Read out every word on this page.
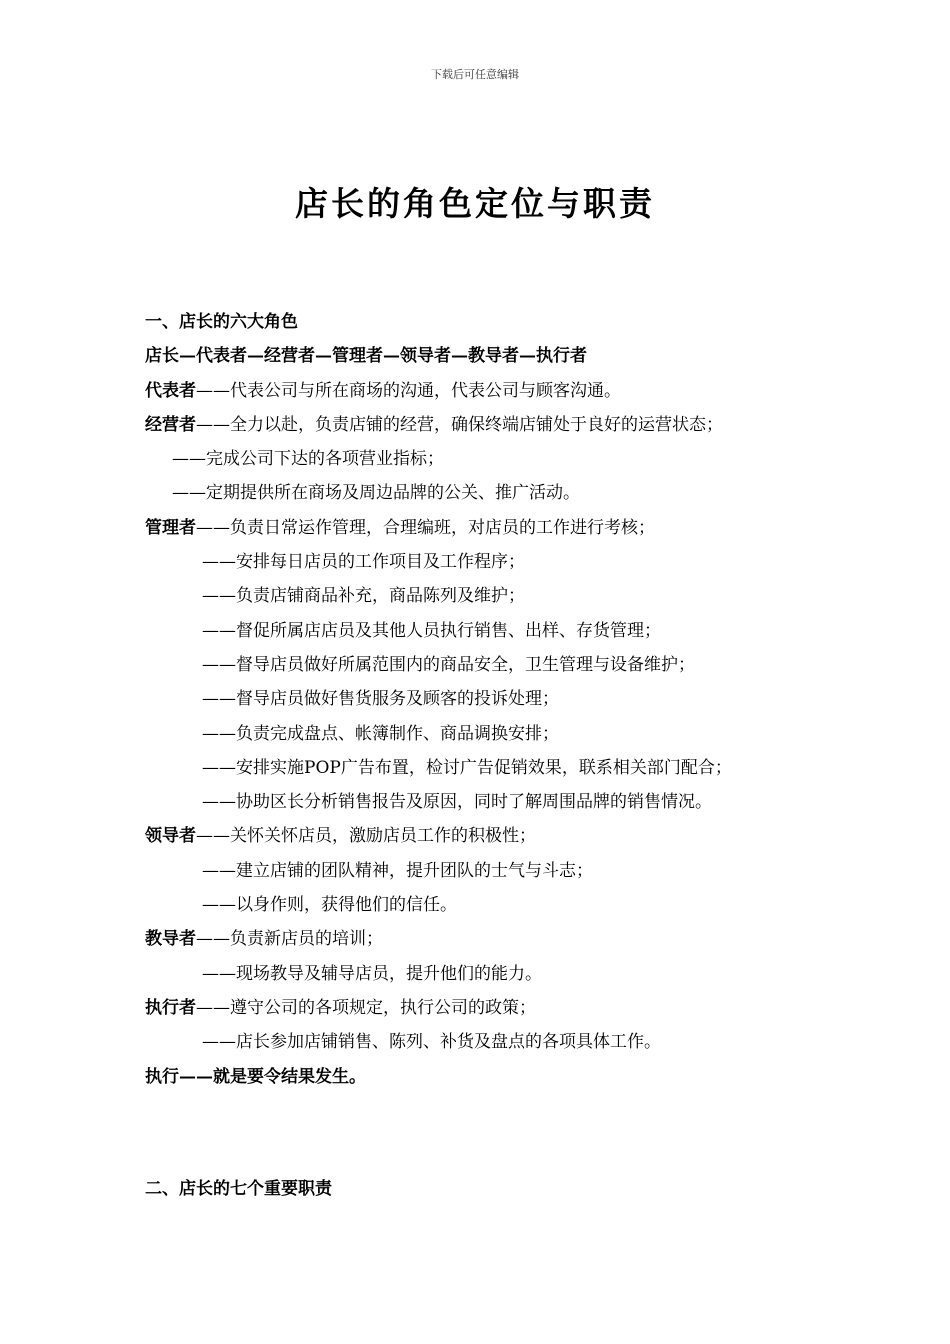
下载后可任意编辑
店长的角色定位与职责
一、店长的六大角色
店长—代表者—经营者—管理者—领导者—教导者—执行者
代表者——代表公司与所在商场的沟通，代表公司与顾客沟通。
经营者——全力以赴，负责店铺的经营，确保终端店铺处于良好的运营状态；
——完成公司下达的各项营业指标；
——定期提供所在商场及周边品牌的公关、推广活动。
管理者——负责日常运作管理，合理编班，对店员的工作进行考核；
——安排每日店员的工作项目及工作程序；
——负责店铺商品补充，商品陈列及维护；
——督促所属店店员及其他人员执行销售、出样、存货管理；
——督导店员做好所属范围内的商品安全，卫生管理与设备维护；
——督导店员做好售货服务及顾客的投诉处理；
——负责完成盘点、帐簿制作、商品调换安排；
——安排实施POP广告布置，检讨广告促销效果，联系相关部门配合；
——协助区长分析销售报告及原因，同时了解周围品牌的销售情况。
领导者——关怀关怀店员，激励店员工作的积极性；
——建立店铺的团队精神，提升团队的士气与斗志；
——以身作则，获得他们的信任。
教导者——负责新店员的培训；
——现场教导及辅导店员，提升他们的能力。
执行者——遵守公司的各项规定，执行公司的政策；
——店长参加店铺销售、陈列、补货及盘点的各项具体工作。
执行——就是要令结果发生。
二、店长的七个重要职责
